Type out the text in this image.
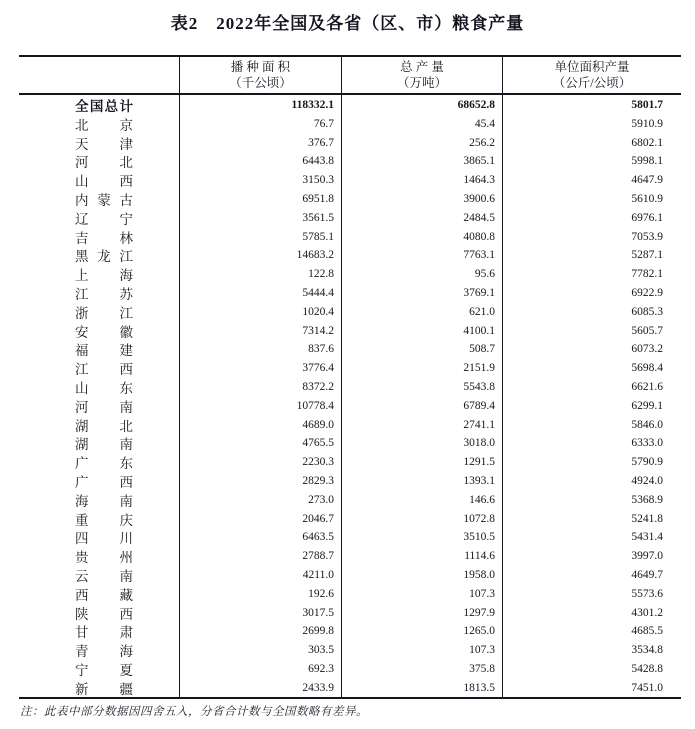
表2　2022年全国及各省（区、市）粮食产量
播 种 面 积
（千公顷）
总 产 量
（万吨）
单位面积产量
（公斤/公顷）
全 国 总 计	118332.1	68652.8	5801.7
北 京	76.7	45.4	5910.9
天 津	376.7	256.2	6802.1
河 北	6443.8	3865.1	5998.1
山 西	3150.3	1464.3	4647.9
内 蒙 古	6951.8	3900.6	5610.9
辽 宁	3561.5	2484.5	6976.1
吉 林	5785.1	4080.8	7053.9
黑 龙 江	14683.2	7763.1	5287.1
上 海	122.8	95.6	7782.1
江 苏	5444.4	3769.1	6922.9
浙 江	1020.4	621.0	6085.3
安 徽	7314.2	4100.1	5605.7
福 建	837.6	508.7	6073.2
江 西	3776.4	2151.9	5698.4
山 东	8372.2	5543.8	6621.6
河 南	10778.4	6789.4	6299.1
湖 北	4689.0	2741.1	5846.0
湖 南	4765.5	3018.0	6333.0
广 东	2230.3	1291.5	5790.9
广 西	2829.3	1393.1	4924.0
海 南	273.0	146.6	5368.9
重 庆	2046.7	1072.8	5241.8
四 川	6463.5	3510.5	5431.4
贵 州	2788.7	1114.6	3997.0
云 南	4211.0	1958.0	4649.7
西 藏	192.6	107.3	5573.6
陕 西	3017.5	1297.9	4301.2
甘 肃	2699.8	1265.0	4685.5
青 海	303.5	107.3	3534.8
宁 夏	692.3	375.8	5428.8
新 疆	2433.9	1813.5	7451.0
注：此表中部分数据因四舍五入，分省合计数与全国数略有差异。
